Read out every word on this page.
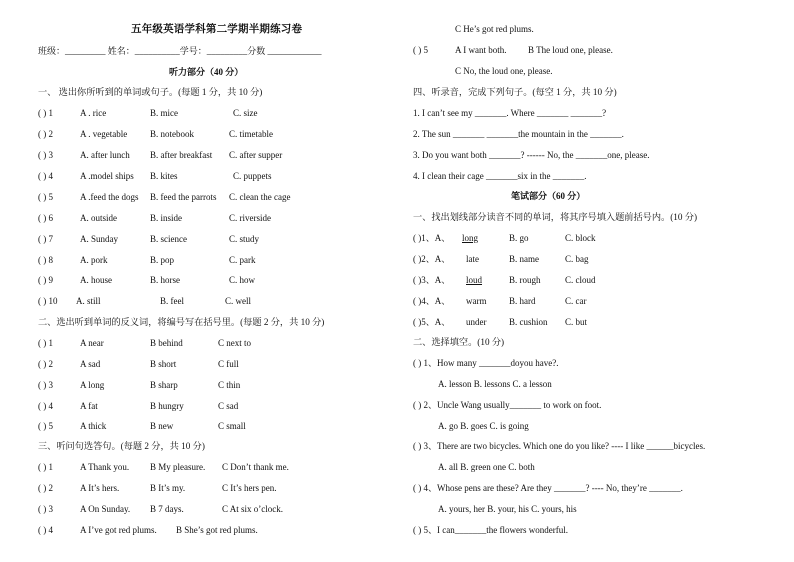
五年级英语学科第二学期半期练习卷
班级：_________ 姓名：__________学号：_________分数 ____________
听力部分（40 分）
一、 选出你所听到的单词或句子。(每题 1 分，共 10 分)
( ) 1	A . rice	B. mice	C. size
( ) 2	A . vegetable	B. notebook	C. timetable
( ) 3	A. after lunch B. after breakfast C. after supper
( ) 4	A .model ships B. kites	C. puppets
( ) 5	A .feed the dogs B. feed the parrots C. clean the cage
( ) 6	A. outside	B. inside	C. riverside
( ) 7	A. Sunday	B. science	C. study
( ) 8	A. pork	B. pop	C. park
( ) 9	A. house	B. horse	C. how
( ) 10 A. still	B. feel	C. well
二、选出听到单词的反义词，将编号写在括号里。(每题 2 分，共 10 分)
( ) 1	A near	B behind	C next to
( ) 2	A sad	B short	C full
( ) 3	A long	B sharp	C thin
( ) 4	A fat	B hungry	C sad
( ) 5	A thick	B new	C small
三、听问句选答句。(每题 2 分，共 10 分)
( ) 1	A Thank you. B My pleasure. C Don’t thank me.
( ) 2	A It’s hers.	B It’s my.	C It’s hers pen.
( ) 3	A On Sunday. B 7 days.	C At six o’clock.
( ) 4	A I’ve got red plums. B She’s got red plums.
C He’s got red plums.
( ) 5	A I want both. B The loud one, please.
C No, the loud one, please.
四、听录音，完成下列句子。(每空 1 分，共 10 分)
1. I can’t see my _______. Where _______ _______?
2. The sun _______ _______the mountain in the _______.
3. Do you want both _______? ------ No, the _______one, please.
4. I clean their cage _______six in the _______.
笔试部分（60 分）
一、找出划线部分读音不同的单词，将其序号填入题前括号内。(10 分)
( )1、A、 long	B. go	C. block
( )2、A、 late	B. name	C. bag
( )3、A、 loud	B. rough	C. cloud
( )4、A、 warm	B. hard	C. car
( )5、A、 under	B. cushion C. but
二、选择填空。(10 分)
( ) 1、How many _______doyou have?.
A. lesson B. lessons C. a lesson
( ) 2、Uncle Wang usually_______ to work on foot.
A. go B. goes C. is going
( ) 3、There are two bicycles. Which one do you like? ---- I like ______bicycles.
A. all B. green one C. both
( ) 4、Whose pens are these? Are they _______? ---- No, they’re _______.
A. yours, her B. your, his C. yours, his
( ) 5、I can_______the flowers wonderful.
